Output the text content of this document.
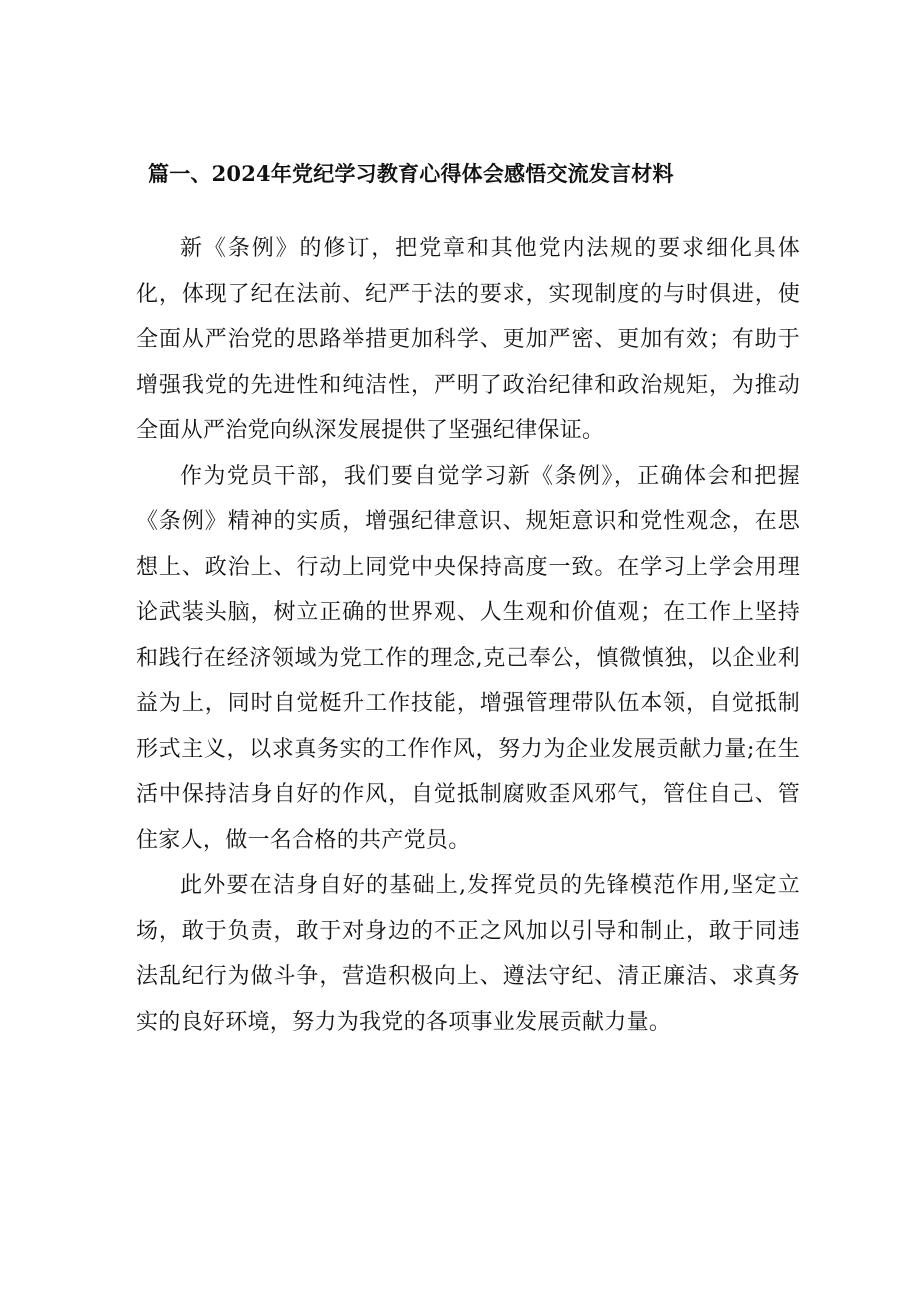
篇一、2024年党纪学习教育心得体会感悟交流发言材料

新《条例》的修订，把党章和其他党内法规的要求细化具体化，体现了纪在法前、纪严于法的要求，实现制度的与时俱进，使全面从严治党的思路举措更加科学、更加严密、更加有效；有助于增强我党的先进性和纯洁性，严明了政治纪律和政治规矩，为推动全面从严治党向纵深发展提供了坚强纪律保证。

作为党员干部，我们要自觉学习新《条例》，正确体会和把握《条例》精神的实质，增强纪律意识、规矩意识和党性观念，在思想上、政治上、行动上同党中央保持高度一致。在学习上学会用理论武装头脑，树立正确的世界观、人生观和价值观；在工作上坚持和践行在经济领域为党工作的理念,克己奉公，慎微慎独，以企业利益为上，同时自觉梃升工作技能，增强管理带队伍本领，自觉抵制形式主义，以求真务实的工作作风，努力为企业发展贡献力量;在生活中保持洁身自好的作风，自觉抵制腐败歪风邪气，管住自己、管住家人，做一名合格的共产党员。

此外要在洁身自好的基础上,发挥党员的先锋模范作用,坚定立场，敢于负责，敢于对身边的不正之风加以引导和制止，敢于同违法乱纪行为做斗争，营造积极向上、遵法守纪、清正廉洁、求真务实的良好环境，努力为我党的各项事业发展贡献力量。
